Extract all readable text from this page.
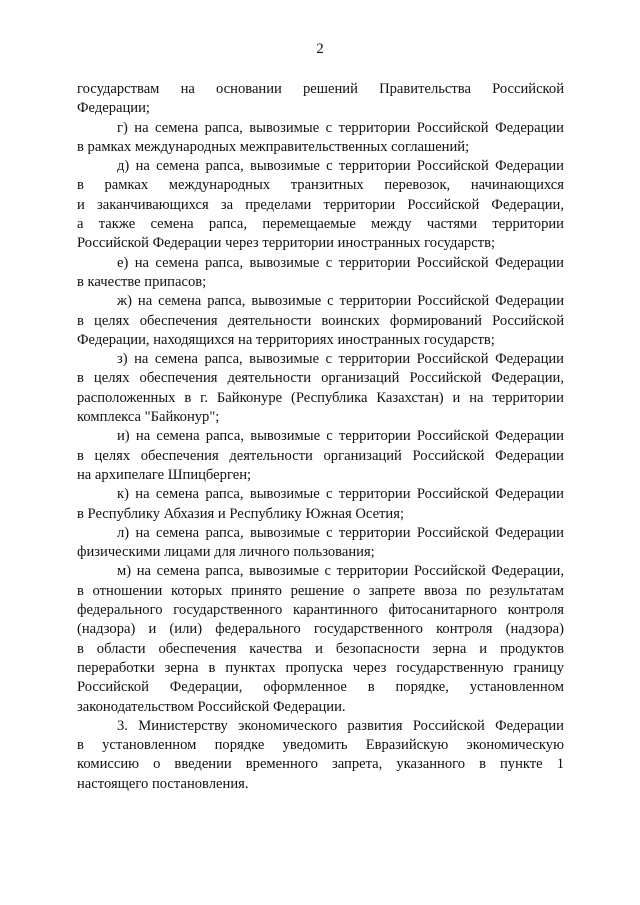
2
государствам на основании решений Правительства Российской
Федерации;
г) на семена рапса, вывозимые с территории Российской Федерации
в рамках международных межправительственных соглашений;
д) на семена рапса, вывозимые с территории Российской Федерации
в рамках международных транзитных перевозок, начинающихся
и заканчивающихся за пределами территории Российской Федерации,
а также семена рапса, перемещаемые между частями территории
Российской Федерации через территории иностранных государств;
е) на семена рапса, вывозимые с территории Российской Федерации
в качестве припасов;
ж) на семена рапса, вывозимые с территории Российской Федерации
в целях обеспечения деятельности воинских формирований Российской
Федерации, находящихся на территориях иностранных государств;
з) на семена рапса, вывозимые с территории Российской Федерации
в целях обеспечения деятельности организаций Российской Федерации,
расположенных в г. Байконуре (Республика Казахстан) и на территории
комплекса "Байконур";
и) на семена рапса, вывозимые с территории Российской Федерации
в целях обеспечения деятельности организаций Российской Федерации
на архипелаге Шпицберген;
к) на семена рапса, вывозимые с территории Российской Федерации
в Республику Абхазия и Республику Южная Осетия;
л) на семена рапса, вывозимые с территории Российской Федерации
физическими лицами для личного пользования;
м) на семена рапса, вывозимые с территории Российской Федерации,
в отношении которых принято решение о запрете ввоза по результатам
федерального государственного карантинного фитосанитарного контроля
(надзора) и (или) федерального государственного контроля (надзора)
в области обеспечения качества и безопасности зерна и продуктов
переработки зерна в пунктах пропуска через государственную границу
Российской Федерации, оформленное в порядке, установленном
законодательством Российской Федерации.
3. Министерству экономического развития Российской Федерации
в установленном порядке уведомить Евразийскую экономическую
комиссию о введении временного запрета, указанного в пункте 1
настоящего постановления.
